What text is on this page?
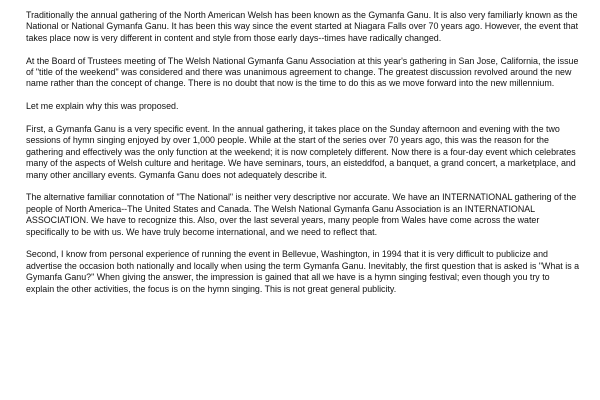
Traditionally the annual gathering of the North American Welsh has been known as the Gymanfa Ganu. It is also very familiarly known as the National or National Gymanfa Ganu. It has been this way since the event started at Niagara Falls over 70 years ago. However, the event that takes place now is very different in content and style from those early days--times have radically changed.

At the Board of Trustees meeting of The Welsh National Gymanfa Ganu Association at this year's gathering in San Jose, California, the issue of "title of the weekend" was considered and there was unanimous agreement to change. The greatest discussion revolved around the new name rather than the concept of change. There is no doubt that now is the time to do this as we move forward into the new millennium.

Let me explain why this was proposed.

First, a Gymanfa Ganu is a very specific event. In the annual gathering, it takes place on the Sunday afternoon and evening with the two sessions of hymn singing enjoyed by over 1,000 people. While at the start of the series over 70 years ago, this was the reason for the gathering and effectively was the only function at the weekend; it is now completely different. Now there is a four-day event which celebrates many of the aspects of Welsh culture and heritage. We have seminars, tours, an eisteddfod, a banquet, a grand concert, a marketplace, and many other ancillary events. Gymanfa Ganu does not adequately describe it.

The alternative familiar connotation of "The National" is neither very descriptive nor accurate. We have an INTERNATIONAL gathering of the people of North America--The United States and Canada. The Welsh National Gymanfa Ganu Association is an INTERNATIONAL ASSOCIATION. We have to recognize this. Also, over the last several years, many people from Wales have come across the water specifically to be with us. We have truly become international, and we need to reflect that.

Second, I know from personal experience of running the event in Bellevue, Washington, in 1994 that it is very difficult to publicize and advertise the occasion both nationally and locally when using the term Gymanfa Ganu. Inevitably, the first question that is asked is "What is a Gymanfa Ganu?" When giving the answer, the impression is gained that all we have is a hymn singing festival; even though you try to explain the other activities, the focus is on the hymn singing. This is not great general publicity.
